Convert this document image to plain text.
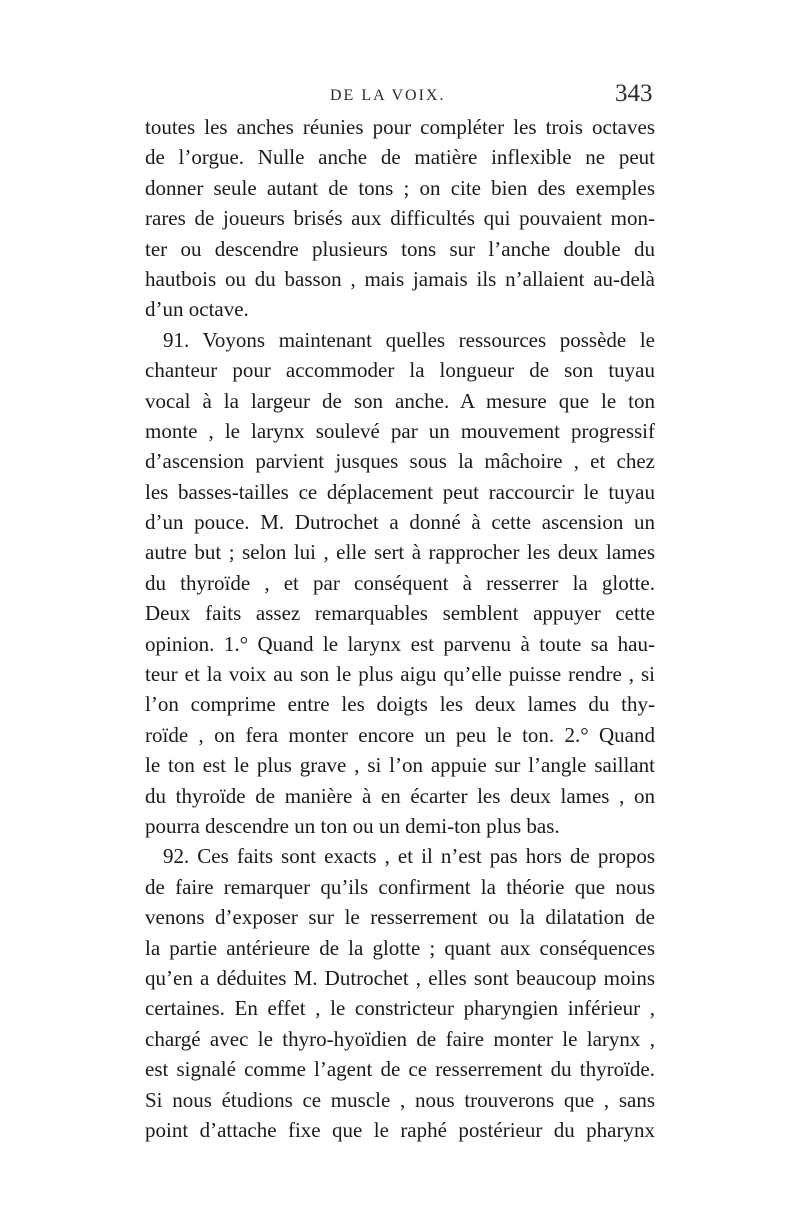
DE LA VOIX.	343
toutes les anches réunies pour compléter les trois octaves
de l’orgue. Nulle anche de matière inflexible ne peut
donner seule autant de tons ; on cite bien des exemples
rares de joueurs brisés aux difficultés qui pouvaient mon-
ter ou descendre plusieurs tons sur l’anche double du
hautbois ou du basson , mais jamais ils n’allaient au-delà
d’un octave.
91. Voyons maintenant quelles ressources possède le
chanteur pour accommoder la longueur de son tuyau
vocal à la largeur de son anche. A mesure que le ton
monte , le larynx soulevé par un mouvement progressif
d’ascension parvient jusques sous la mâchoire , et chez
les basses-tailles ce déplacement peut raccourcir le tuyau
d’un pouce. M. Dutrochet a donné à cette ascension un
autre but ; selon lui , elle sert à rapprocher les deux lames
du thyroïde , et par conséquent à resserrer la glotte.
Deux faits assez remarquables semblent appuyer cette
opinion. 1.° Quand le larynx est parvenu à toute sa hau-
teur et la voix au son le plus aigu qu’elle puisse rendre , si
l’on comprime entre les doigts les deux lames du thy-
roïde , on fera monter encore un peu le ton. 2.° Quand
le ton est le plus grave , si l’on appuie sur l’angle saillant
du thyroïde de manière à en écarter les deux lames , on
pourra descendre un ton ou un demi-ton plus bas.
92. Ces faits sont exacts , et il n’est pas hors de propos
de faire remarquer qu’ils confirment la théorie que nous
venons d’exposer sur le resserrement ou la dilatation de
la partie antérieure de la glotte ; quant aux conséquences
qu’en a déduites M. Dutrochet , elles sont beaucoup moins
certaines. En effet , le constricteur pharyngien inférieur ,
chargé avec le thyro-hyoïdien de faire monter le larynx ,
est signalé comme l’agent de ce resserrement du thyroïde.
Si nous étudions ce muscle , nous trouverons que , sans
point d’attache fixe que le raphé postérieur du pharynx
